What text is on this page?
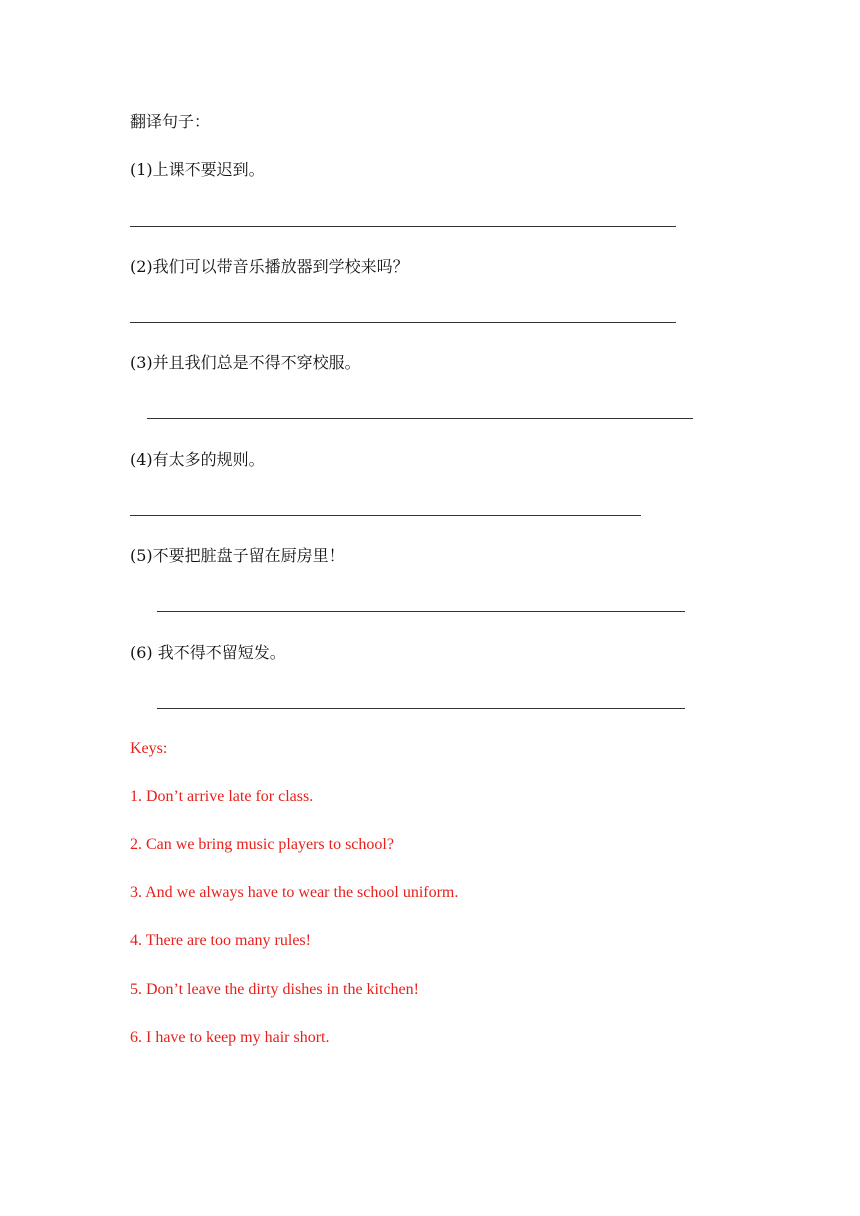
翻译句子：
(1)上课不要迟到。
(2)我们可以带音乐播放器到学校来吗？
(3)并且我们总是不得不穿校服。
(4)有太多的规则。
(5)不要把脏盘子留在厨房里！
(6) 我不得不留短发。
Keys:
1. Don’t arrive late for class.
2. Can we bring music players to school?
3. And we always have to wear the school uniform.
4. There are too many rules!
5. Don’t leave the dirty dishes in the kitchen!
6. I have to keep my hair short.
